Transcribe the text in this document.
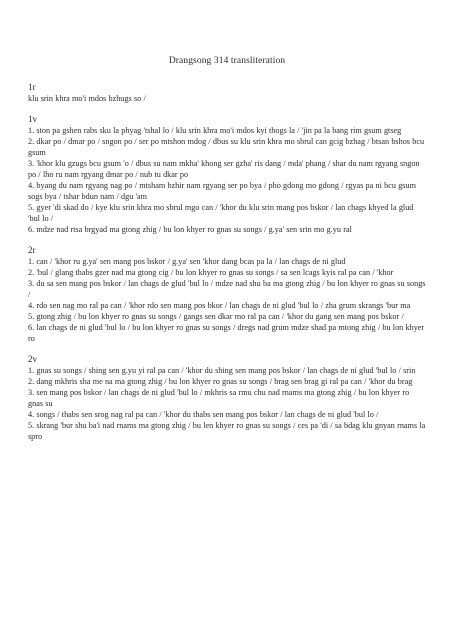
Drangsong 314 transliteration
1r
klu srin khra mo'i mdos bzhugs so /
1v
1. ston pa gshen rabs sku la phyag 'tshal lo / klu srin khra mo'i mdos kyi thogs la / 'jin pa la bang rim gsum gtseg
2. dkar po / dmar po / sngon po / ser po mtshon mdog / dbus su klu srin khra mo sbrul can gcig bzhag / btsan bshos bcu gsum
3. 'khor klu gzugs bcu gsum 'o / dbus su nam mkha' khong ser gzha' ris dang / mda' phang / shar du nam rgyang sngon po / lho ru nam rgyang dmar po / nub tu dkar po
4. byang du nam rgyang nag po / mtsham bzhir nam rgyang ser po bya / pho gdong mo gdong / rgyas pa ni bcu gsum sogs bya / tshar bdun nam / dgu 'am
5. gyer 'di skad do / kye klu srin khra mo sbrul mgo can / 'khor du klu srin mang pos bskor / lan chags khyed la glud 'bul lo /
6. mdze nad rtsa brgyad ma gtong zhig / bu lon khyer ro gnas su songs / g.ya' sen srin mo g.yu ral
2r
1. can / 'khor ru g.ya' sen mang pos bskor / g.ya' sen 'khor dang bcas pa la / lan chags de ni glud
2. 'bul / glang thabs gzer nad ma gtong cig / bu lon khyer ro gnas su songs / sa sen lcags kyis ral pa can / 'khor
3. du sa sen mang pos bskor / lan chags de glud 'bul lo / mdze nad shu ba ma gtong zhig / bu lon khyer ro gnas su songs /
4. rdo sen nag mo ral pa can / 'khor rdo sen mang pos bkor / lan chags de ni glud 'bul lo / zha grum skrangs 'bur ma
5. gtong zhig / bu lon khyer ro gnas su songs / gangs sen dkar mo ral pa can / 'khor du gang sen mang pos bskor /
6. lan chags de ni glud 'bul lo / bu lon khyer ro gnas su songs / dregs nad grum mdze shad pa mtong zhig / bu lon khyer ro
2v
1. gnas su songs / shing sen g.yu yi ral pa can / 'khor du shing sen mang pos bskor / lan chags de ni glud 'bul lo / srin
2. dang mkhris sha me na ma gtong zhig / bu lon khyer ro gnas su songs / brag sen brag gi ral pa can / 'khor du brag
3. sen mang pos bskor / lan chags de ni glud 'bul lo / mkhris sa rmu chu nad rnams ma gtong zhig / bu lon khyer ro gnas su
4. songs / thabs sen srog nag ral pa can / 'khor du thabs sen mang pos bskor / lan chags de ni glud 'bul lo /
5. skrang 'bur shu ba'i nad rnams ma gtong zhig / bu len khyer ro gnas su songs / ces pa 'di / sa bdag klu gnyan rnams la spro
